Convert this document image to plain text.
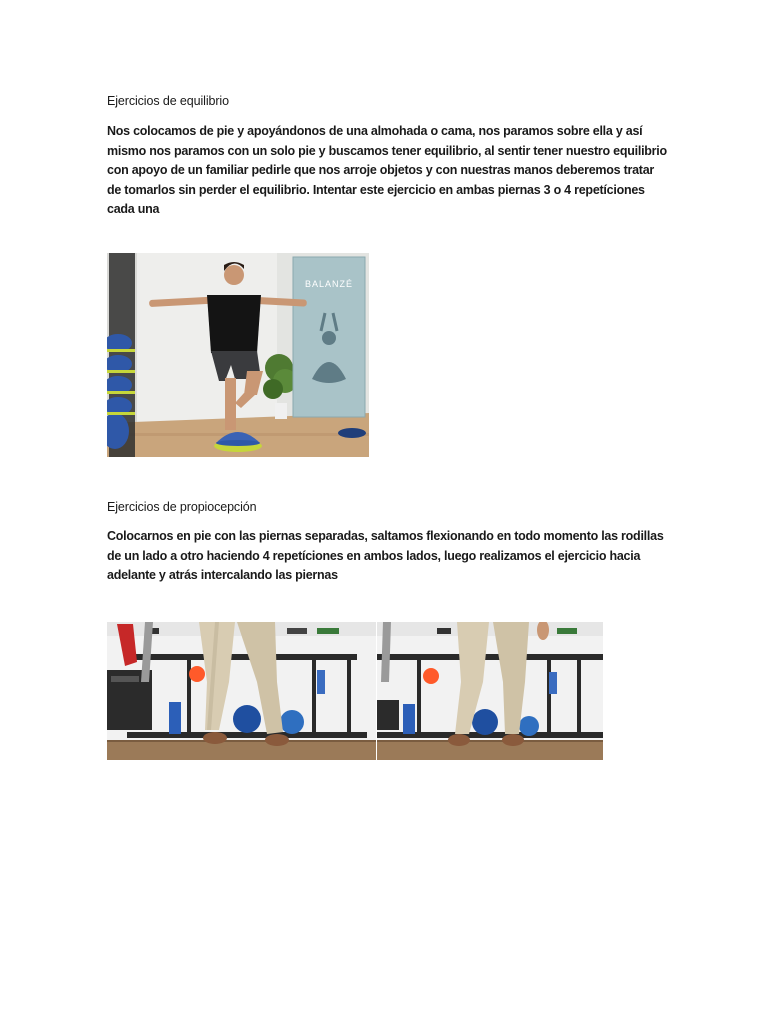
Ejercicios de equilibrio

Nos colocamos de pie y apoyándonos de una almohada o cama, nos paramos sobre ella y así mismo nos paramos con un solo pie y buscamos tener equilibrio, al sentir tener nuestro equilibrio con apoyo de un familiar pedirle que nos arroje objetos y con nuestras manos deberemos tratar de tomarlos sin perder el equilibrio. Intentar este ejercicio en ambas piernas 3 o 4 repetíciones cada una

BALANZÉ
Ejercicios de propiocepción

Colocarnos en pie con las piernas separadas, saltamos flexionando en todo momento las rodillas de un lado a otro haciendo 4 repetíciones en ambos lados, luego realizamos el ejercicio hacia adelante y atrás intercalando las piernas
